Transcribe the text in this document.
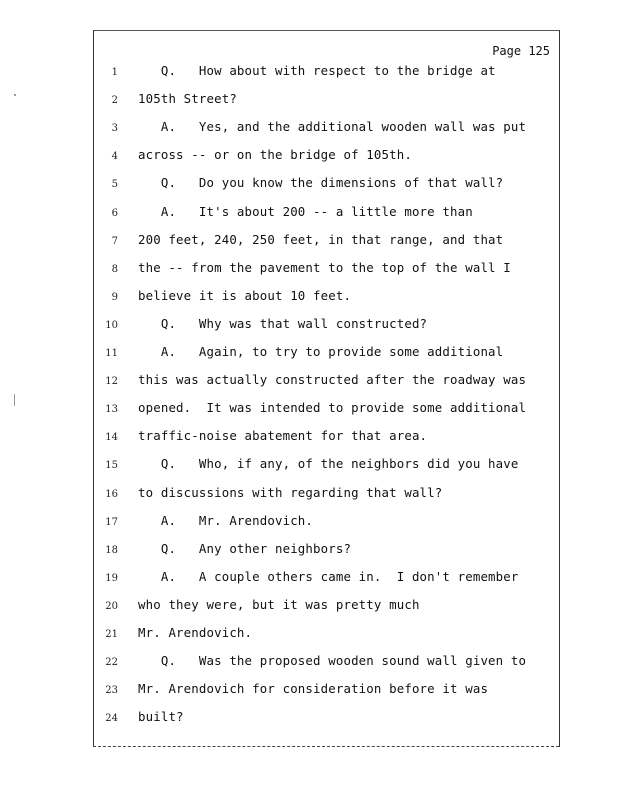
Page 125
1 Q.   How about with respect to the bridge at
2 105th Street?
3 A.   Yes, and the additional wooden wall was put
4 across -- or on the bridge of 105th.
5 Q.   Do you know the dimensions of that wall?
6 A.   It's about 200 -- a little more than
7 200 feet, 240, 250 feet, in that range, and that
8 the -- from the pavement to the top of the wall I
9 believe it is about 10 feet.
10 Q.   Why was that wall constructed?
11 A.   Again, to try to provide some additional
12 this was actually constructed after the roadway was
13 opened.  It was intended to provide some additional
14 traffic-noise abatement for that area.
15 Q.   Who, if any, of the neighbors did you have
16 to discussions with regarding that wall?
17 A.   Mr. Arendovich.
18 Q.   Any other neighbors?
19 A.   A couple others came in.  I don't remember
20 who they were, but it was pretty much
21 Mr. Arendovich.
22 Q.   Was the proposed wooden sound wall given to
23 Mr. Arendovich for consideration before it was
24 built?
